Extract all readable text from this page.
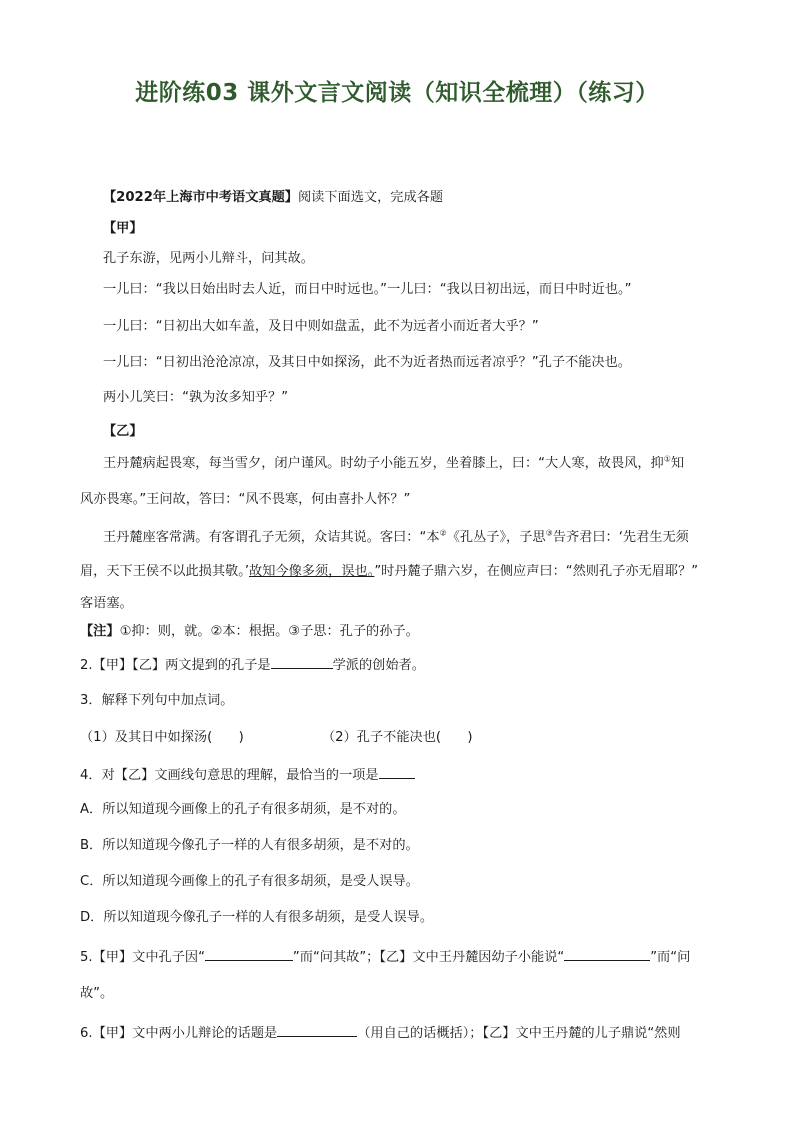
进阶练03 课外文言文阅读（知识全梳理）（练习）
【2022年上海市中考语文真题】阅读下面选文，完成各题
【甲】
孔子东游，见两小儿辩斗，问其故。
一儿曰：“我以日始出时去人近，而日中时远也。”一儿曰：“我以日初出远，而日中时近也。”
一儿曰：“日初出大如车盖，及日中则如盘盂，此不为远者小而近者大乎？”
一儿曰：“日初出沧沧凉凉，及其日中如探汤，此不为近者热而远者凉乎？”孔子不能决也。
两小儿笑曰：“孰为汝多知乎？”
【乙】
王丹麓病起畏寒，每当雪夕，闭户谨风。时幼子小能五岁，坐着膝上，曰：“大人寒，故畏风，抑①知
风亦畏寒。”王问故，答曰：“风不畏寒，何由喜扑人怀？”
王丹麓座客常满。有客谓孔子无须，众诘其说。客曰：“本②《孔丛子》，子思③告齐君曰：‘先君生无须
眉，天下王侯不以此损其敬。’故知今像多须，误也。”时丹麓子鼎六岁，在侧应声曰：“然则孔子亦无眉耶？”
客语塞。
【注】①抑：则，就。②本：根据。③子思：孔子的孙子。
2.【甲】【乙】两文提到的孔子是	学派的创始者。
3．解释下列句中加点词。
（1）及其日中如探汤(　　)	（2）孔子不能决也(　　)
4．对【乙】文画线句意思的理解，最恰当的一项是
A．所以知道现今画像上的孔子有很多胡须，是不对的。
B．所以知道现今像孔子一样的人有很多胡须，是不对的。
C．所以知道现今画像上的孔子有很多胡须，是受人误导。
D．所以知道现今像孔子一样的人有很多胡须，是受人误导。
5.【甲】文中孔子因“	”而“问其故”；【乙】文中王丹麓因幼子小能说“	”而“问
故”。
6.【甲】文中两小儿辩论的话题是	（用自己的话概括）；【乙】文中王丹麓的儿子鼎说“然则
